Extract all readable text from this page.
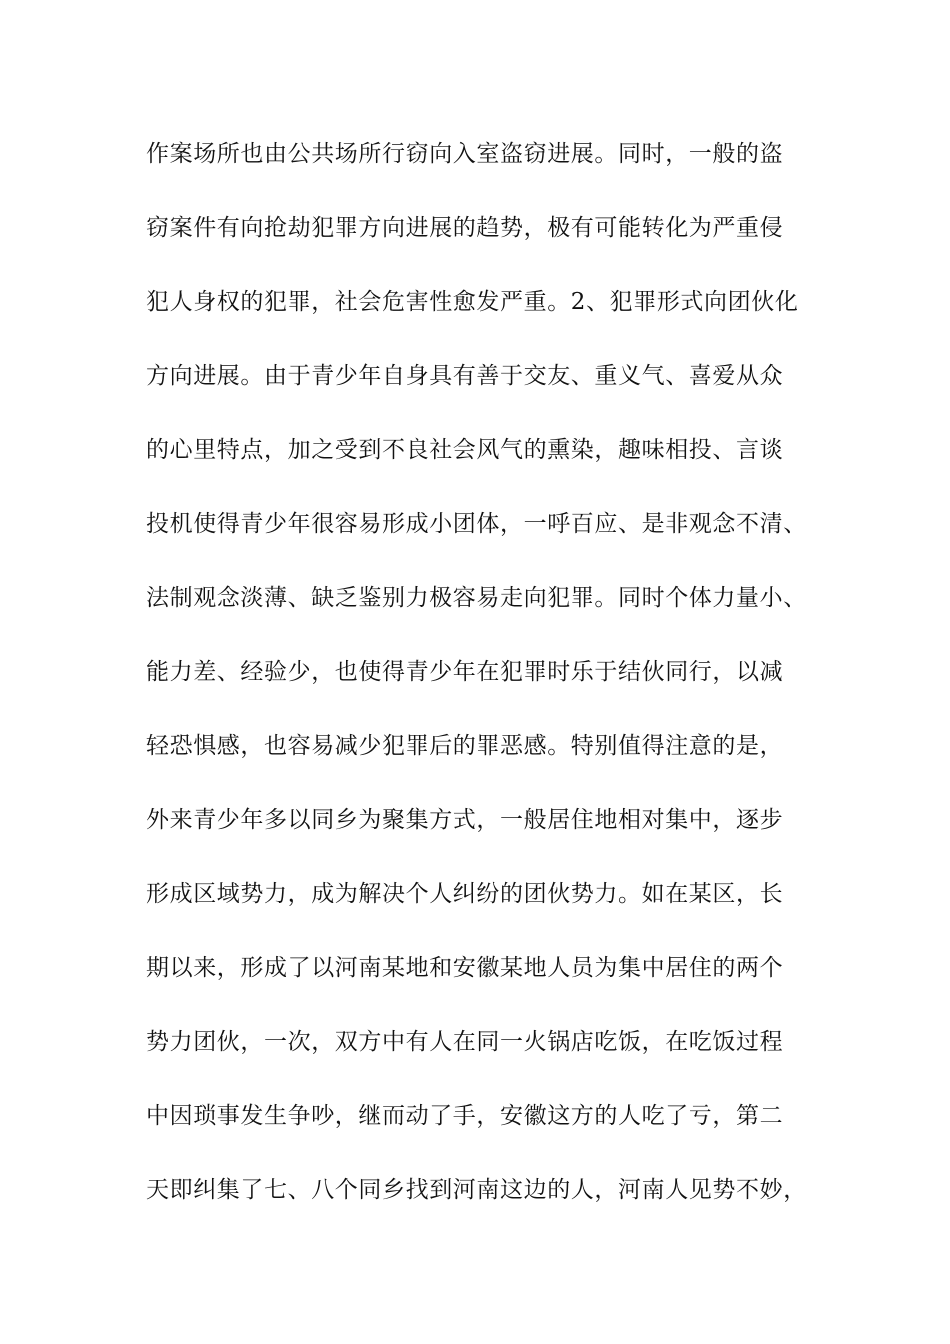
作案场所也由公共场所行窃向入室盗窃进展。同时，一般的盗
窃案件有向抢劫犯罪方向进展的趋势，极有可能转化为严重侵
犯人身权的犯罪，社会危害性愈发严重。2、犯罪形式向团伙化
方向进展。由于青少年自身具有善于交友、重义气、喜爱从众
的心里特点，加之受到不良社会风气的熏染，趣味相投、言谈
投机使得青少年很容易形成小团体，一呼百应、是非观念不清、
法制观念淡薄、缺乏鉴别力极容易走向犯罪。同时个体力量小、
能力差、经验少，也使得青少年在犯罪时乐于结伙同行，以减
轻恐惧感，也容易减少犯罪后的罪恶感。特别值得注意的是，
外来青少年多以同乡为聚集方式，一般居住地相对集中，逐步
形成区域势力，成为解决个人纠纷的团伙势力。如在某区，长
期以来，形成了以河南某地和安徽某地人员为集中居住的两个
势力团伙，一次，双方中有人在同一火锅店吃饭，在吃饭过程
中因琐事发生争吵，继而动了手，安徽这方的人吃了亏，第二
天即纠集了七、八个同乡找到河南这边的人，河南人见势不妙，
